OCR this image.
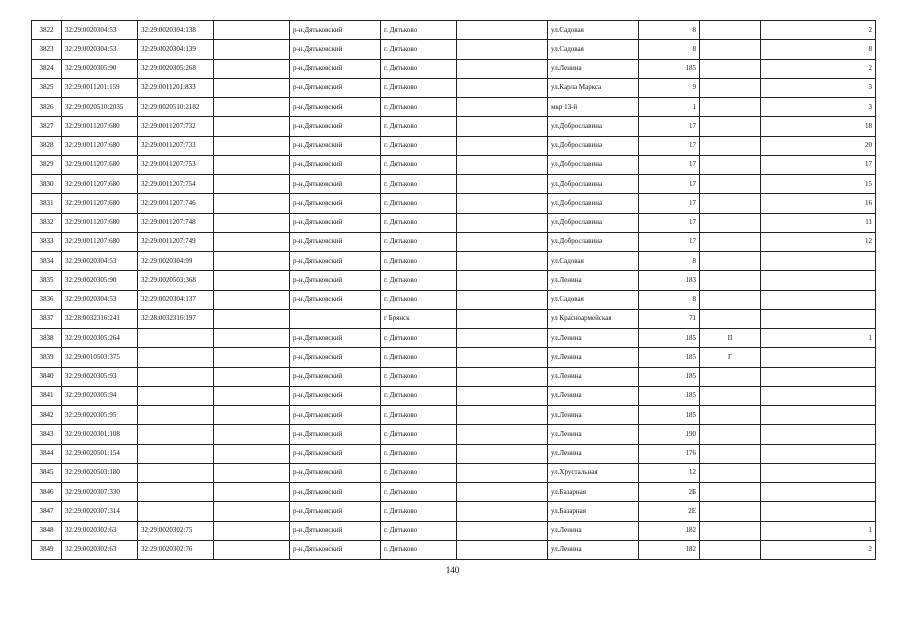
3822	32:29:0020304:53	32:29:0020304:138		р-н.Дятьковский	г. Дятьково		ул.Садовая	8		2
3823	32:29:0020304:53	32:29:0020304:139		р-н.Дятьковский	г. Дятьково		ул.Садовая	8		8
3824	32:29:0020305:90	32:29:0020305:268		р-н.Дятьковский	г. Дятьково		ул.Ленина	185		2
3825	32:29:0011201:159	32:29:0011201:833		р-н.Дятьковский	г. Дятьково		ул.Карла Маркса	9		3
3826	32:29:0020510:2035	32:29:0020510:2182		р-н.Дятьковский	г. Дятьково		мкр 13-й	1		3
3827	32:29:0011207:680	32:29:0011207:732		р-н.Дятьковский	г. Дятьково		ул.Доброславина	17		18
3828	32:29:0011207:680	32:29:0011207:733		р-н.Дятьковский	г. Дятьково		ул.Доброславина	17		20
3829	32:29:0011207:680	32:29:0011207:753		р-н.Дятьковский	г. Дятьково		ул.Доброславина	17		17
3830	32:29:0011207:680	32:29:0011207:754		р-н.Дятьковский	г. Дятьково		ул.Доброславина	17		15
3831	32:29:0011207:680	32:29:0011207:746		р-н.Дятьковский	г. Дятьково		ул.Доброславина	17		16
3832	32:29:0011207:680	32:29:0011207:748		р-н.Дятьковский	г. Дятьково		ул.Доброславина	17		11
3833	32:29:0011207:680	32:29:0011207:749		р-н.Дятьковский	г. Дятьково		ул.Доброславина	17		12
3834	32:29:0020304:53	32:29:0020304:99		р-н.Дятьковский	г. Дятьково		ул.Садовая	8		
3835	32:29:0020305:90	32:29:0020503:368		р-н.Дятьковский	г. Дятьково		ул.Ленина	183		
3836	32:29:0020304:53	32:29:0020304:137		р-н.Дятьковский	г. Дятьково		ул.Садовая	8		
3837	32:28:0032316:241	32:28:0032316:197			г Брянск		ул Красноармейская	71		
3838	32:29:0020305:264			р-н.Дятьковский	г. Дятьково		ул.Ленина	185	II	1
3839	32:29:0010503:375			р-н.Дятьковский	г. Дятьково		ул.Ленина	185	Г	
3840	32:29:0020305:93			р-н.Дятьковский	г. Дятьково		ул.Ленина	185		
3841	32:29:0020305:94			р-н.Дятьковский	г. Дятьково		ул.Ленина	185		
3842	32:29:0020305:95			р-н.Дятьковский	г. Дятьково		ул.Ленина	185		
3843	32:29:0020301:108			р-н.Дятьковский	г. Дятьково		ул.Ленина	190		
3844	32:29:0020501:154			р-н.Дятьковский	г. Дятьково		ул.Ленина	176		
3845	32:29:0020503:180			р-н.Дятьковский	г. Дятьково		ул.Хрустальная	12		
3846	32:29:0020307:330			р-н.Дятьковский	г. Дятьково		ул.Базарная	2Б		
3847	32:29:0020307:314			р-н.Дятьковский	г. Дятьково		ул.Базарная	2Е		
3848	32:29:0020302:63	32:29:0020302:75		р-н.Дятьковский	г. Дятьково		ул.Ленина	182		1
3849	32:29:0020302:63	32:29:0020302:76		р-н.Дятьковский	г. Дятьково		ул.Ленина	182		2
140
